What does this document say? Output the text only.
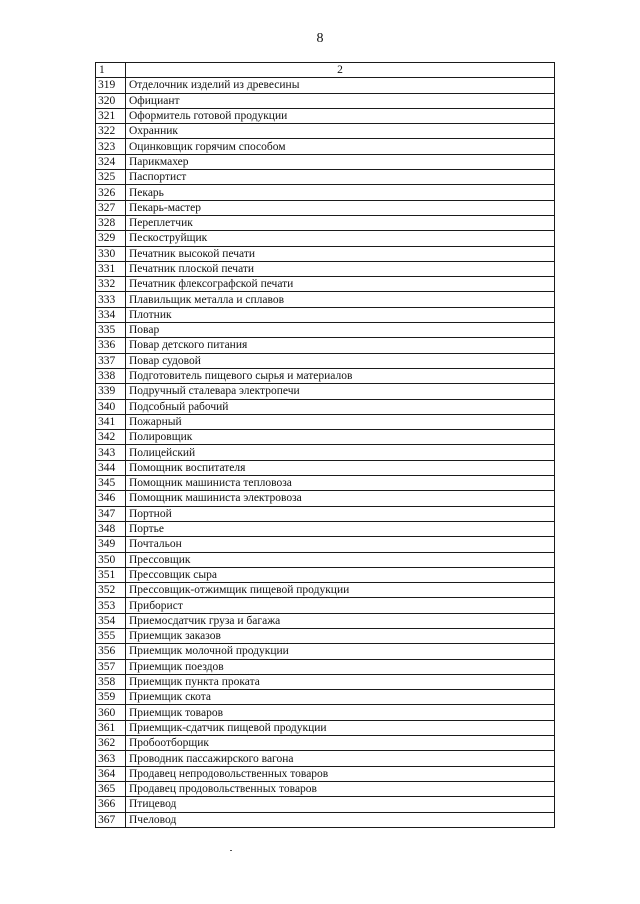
8
1	2
319	Отделочник изделий из древесины
320	Официант
321	Оформитель готовой продукции
322	Охранник
323	Оцинковщик горячим способом
324	Парикмахер
325	Паспортист
326	Пекарь
327	Пекарь-мастер
328	Переплетчик
329	Пескоструйщик
330	Печатник высокой печати
331	Печатник плоской печати
332	Печатник флексографской печати
333	Плавильщик металла и сплавов
334	Плотник
335	Повар
336	Повар детского питания
337	Повар судовой
338	Подготовитель пищевого сырья и материалов
339	Подручный сталевара электропечи
340	Подсобный рабочий
341	Пожарный
342	Полировщик
343	Полицейский
344	Помощник воспитателя
345	Помощник машиниста тепловоза
346	Помощник машиниста электровоза
347	Портной
348	Портье
349	Почтальон
350	Прессовщик
351	Прессовщик сыра
352	Прессовщик-отжимщик пищевой продукции
353	Приборист
354	Приемосдатчик груза и багажа
355	Приемщик заказов
356	Приемщик молочной продукции
357	Приемщик поездов
358	Приемщик пункта проката
359	Приемщик скота
360	Приемщик товаров
361	Приемщик-сдатчик пищевой продукции
362	Пробоотборщик
363	Проводник пассажирского вагона
364	Продавец непродовольственных товаров
365	Продавец продовольственных товаров
366	Птицевод
367	Пчеловод
